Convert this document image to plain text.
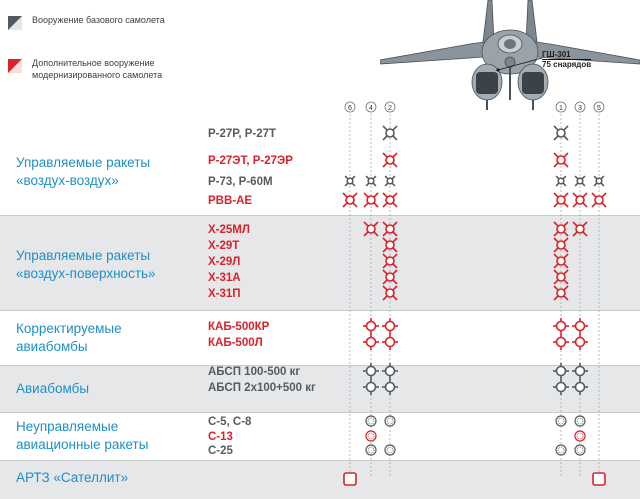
Вооружение базового самолета
Дополнительное вооружение модернизированного самолета
ГШ-301
75 снарядов
Управляемые ракеты «воздух-воздух»
Управляемые ракеты «воздух-поверхность»
Корректируемые авиабомбы
Авиабомбы
Неуправляемые авиационные ракеты
АРТЗ «Сателлит»
Р-27Р, Р-27Т
Р-27ЭТ, Р-27ЭР
Р-73, Р-60М
РВВ-АЕ
Х-25МЛ
Х-29Т
Х-29Л
Х-31А
Х-31П
КАБ-500КР
КАБ-500Л
АБСП 100-500 кг
АБСП 2х100+500 кг
С-5, С-8
С-13
С-25
6 4 2	1 3 5
